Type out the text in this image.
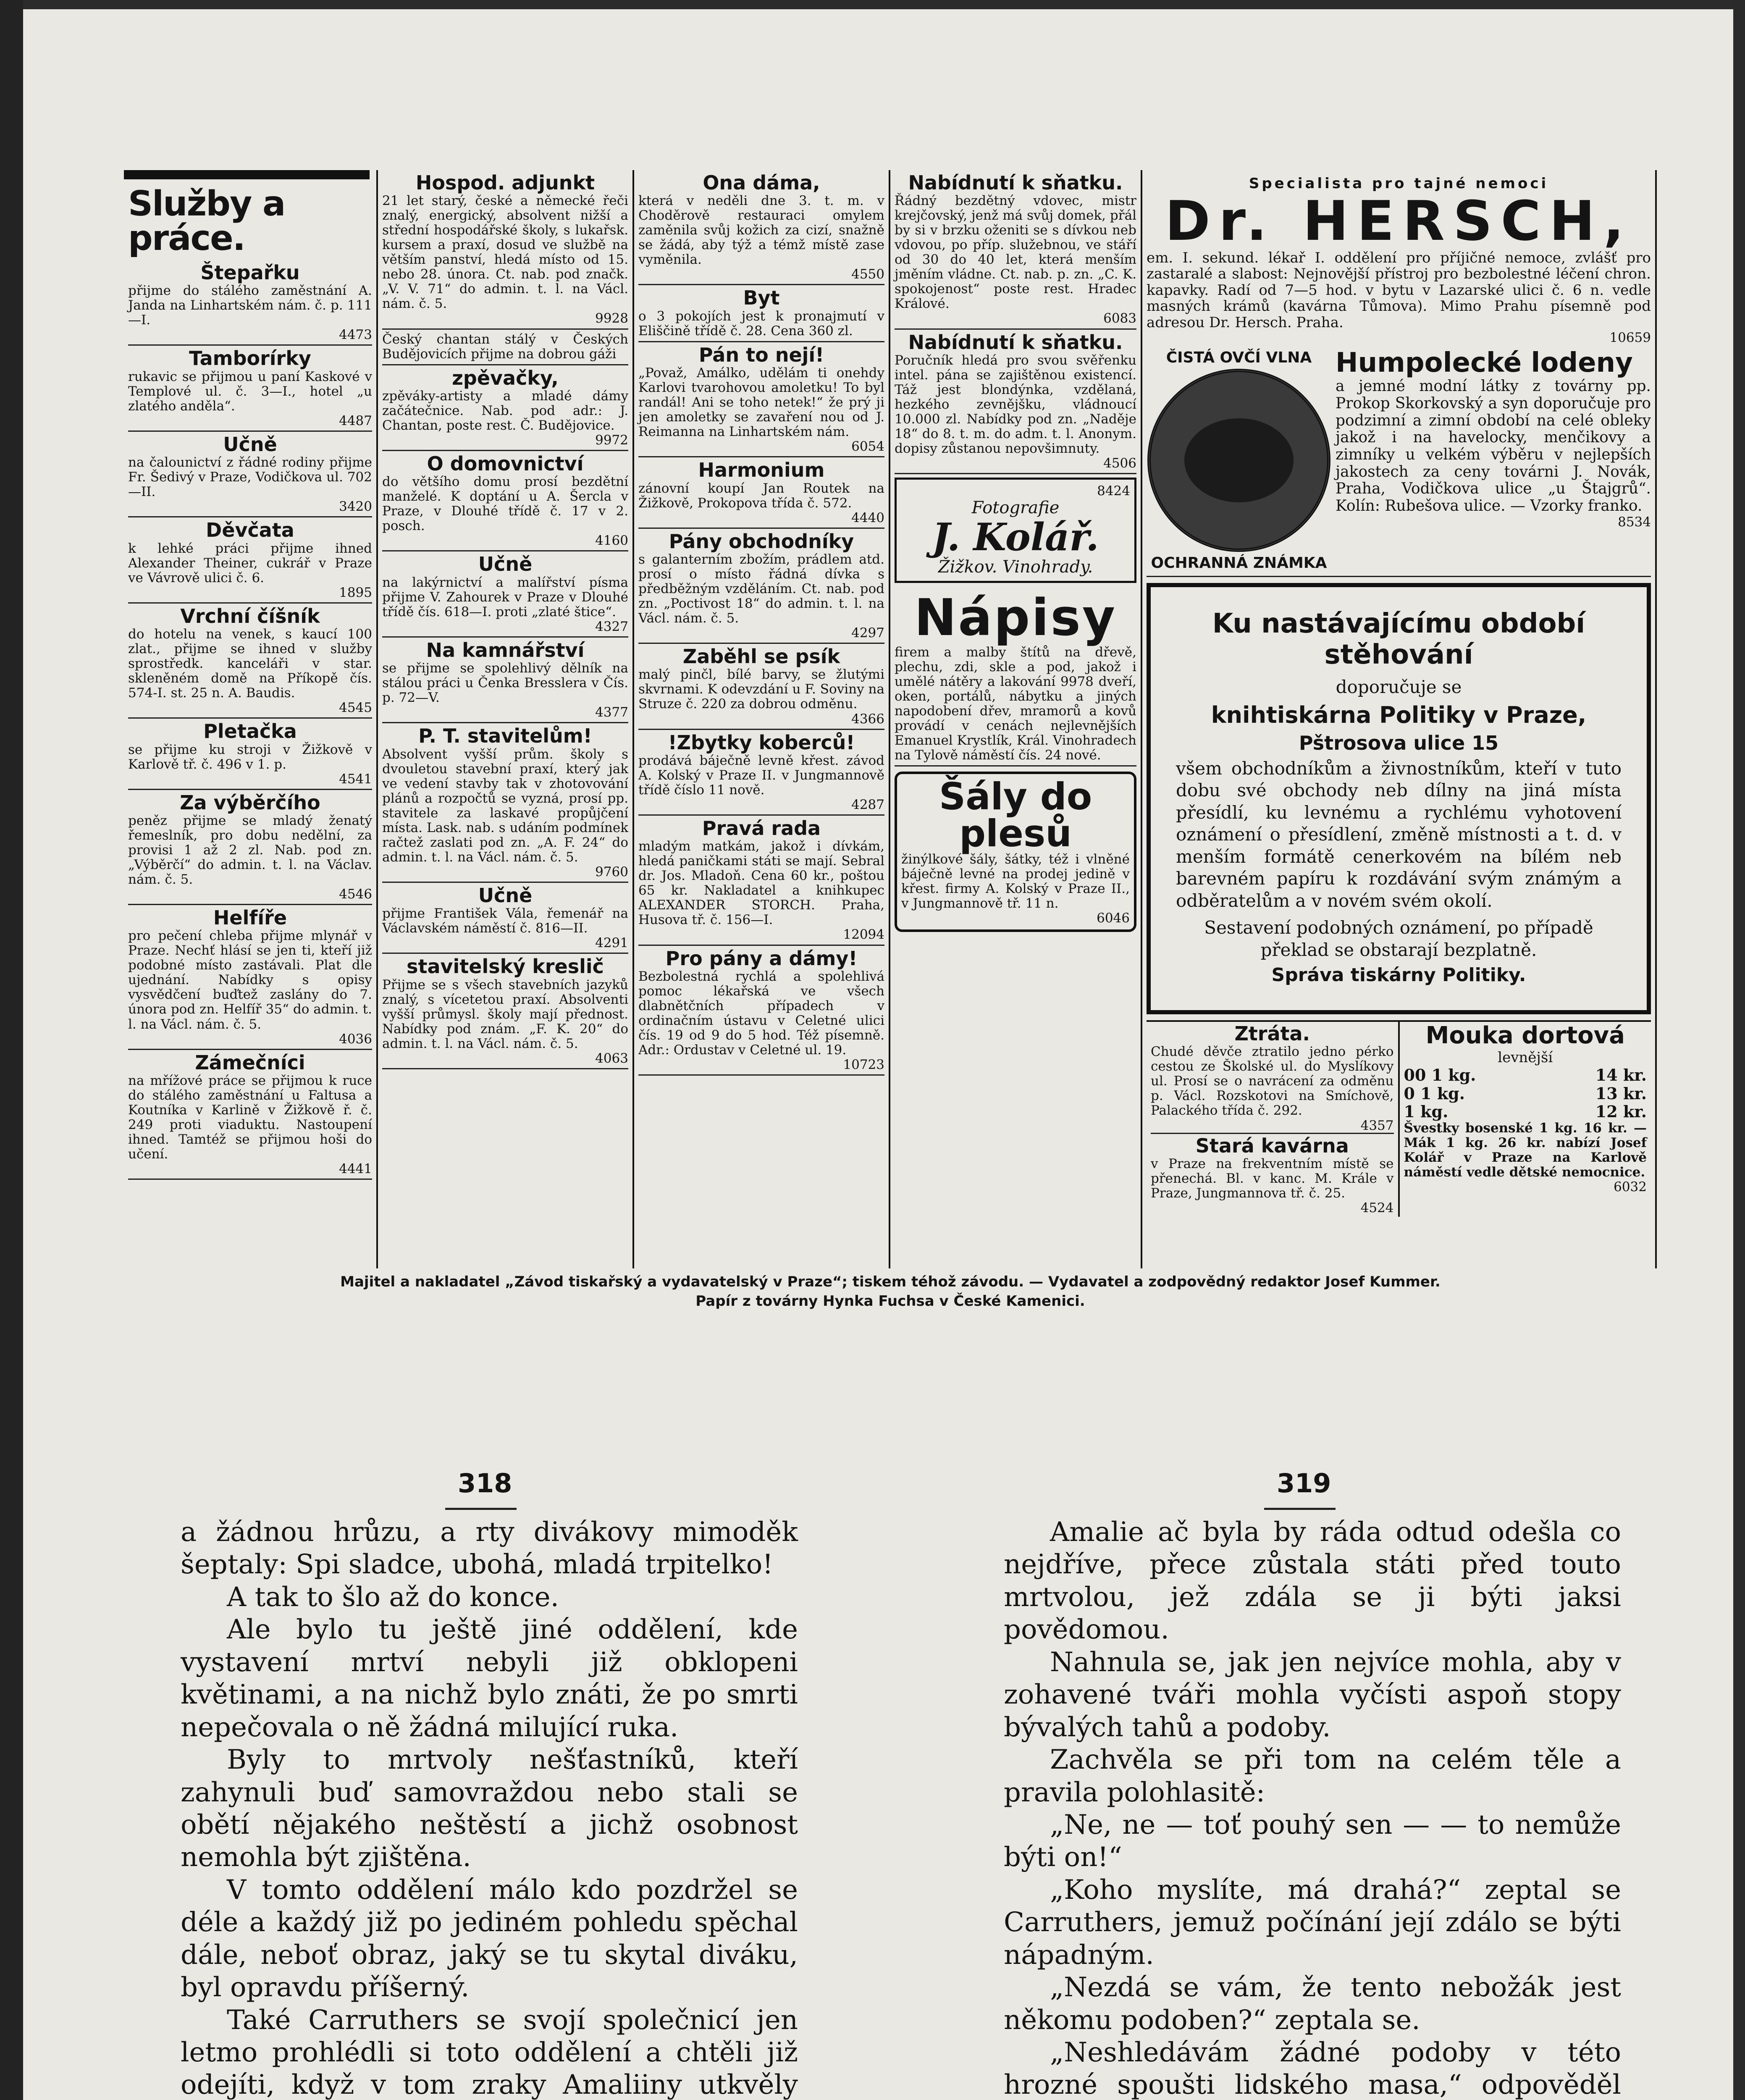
Služby a práce.
Štepařku

přijme do stálého zaměstnání A. Janda na Linhartském nám. č. p. 111—I.

4473
Tamborírky

rukavic se přijmou u paní Kaskové v Templové ul. č. 3—I., hotel „u zlatého anděla“.

4487
Učně

na čalounictví z řádné rodiny přijme Fr. Šedivý v Praze, Vodičkova ul. 702—II.

3420
Děvčata

k lehké práci přijme ihned Alexander Theiner, cukrář v Praze ve Vávrově ulici č. 6.

1895
Vrchní číšník

do hotelu na venek, s kaucí 100 zlat., přijme se ihned v služby sprostředk. kanceláři v star. skleněném domě na Příkopě čís. 574-I. st. 25 n. A. Baudis.

4545
Pletačka

se přijme ku stroji v Žižkově v Karlově tř. č. 496 v 1. p.

4541
Za výběrčího

peněz přijme se mladý ženatý řemeslník, pro dobu nedělní, za provisi 1 až 2 zl. Nab. pod zn. „Výběrčí“ do admin. t. l. na Václav. nám. č. 5.

4546
Helfíře

pro pečení chleba přijme mlynář v Praze. Nechť hlásí se jen ti, kteří již podobné místo zastávali. Plat dle ujednání. Nabídky s opisy vysvědčení buďtež zaslány do 7. února pod zn. Helfíř 35“ do admin. t. l. na Václ. nám. č. 5.

4036
Zámečníci

na mřížové práce se přijmou k ruce do stálého zaměstnání u Faltusa a Koutníka v Karlině v Žižkově ř. č. 249 proti viaduktu. Nastoupení ihned. Tamtéž se přijmou hoši do učení.

4441
Hospod. adjunkt

21 let starý, české a německé řeči znalý, energický, absolvent nižší a střední hospodářské školy, s lukařsk. kursem a praxí, dosud ve službě na větším panství, hledá místo od 15. nebo 28. února. Ct. nab. pod značk. „V. V. 71“ do admin. t. l. na Václ. nám. č. 5.

9928

Český chantan stálý v Českých Budějovicích přijme na dobrou gáži

zpěvačky,

zpěváky-artisty a mladé dámy začátečnice. Nab. pod adr.: J. Chantan, poste rest. Č. Budějovice.

9972
O domovnictví

do většího domu prosí bezdětní manželé. K doptání u A. Šercla v Praze, v Dlouhé třídě č. 17 v 2. posch.

4160
Učně

na lakýrnictví a malířství písma přijme V. Zahourek v Praze v Dlouhé třídě čís. 618—I. proti „zlaté štice“.

4327
Na kamnářství

se přijme se spolehlivý dělník na stálou práci u Čenka Bresslera v Čís. p. 72—V.

4377
P. T. stavitelům!

Absolvent vyšší prům. školy s dvouletou stavební praxí, který jak ve vedení stavby tak v zhotovování plánů a rozpočtů se vyzná, prosí pp. stavitele za laskavé propůjčení místa. Lask. nab. s udáním podmínek račtež zaslati pod zn. „A. F. 24“ do admin. t. l. na Václ. nám. č. 5.

9760
Učně

přijme František Vála, řemenář na Václavském náměstí č. 816—II.

4291
stavitelský kreslič

Přijme se s všech stavebních jazyků znalý, s vícetetou praxí. Absolventi vyšší průmysl. školy mají přednost. Nabídky pod znám. „F. K. 20“ do admin. t. l. na Václ. nám. č. 5.

4063
Ona dáma,

která v neděli dne 3. t. m. v Choděrově restauraci omylem zaměnila svůj kožich za cizí, snažně se žádá, aby týž a témž místě zase vyměnila.

4550
Byt

o 3 pokojích jest k pronajmutí v Eliščině třídě č. 28. Cena 360 zl.

Pán to nejí!

„Považ, Amálko, udělám ti onehdy Karlovi tvarohovou amoletku! To byl randál! Ani se toho netek!“ že prý ji jen amoletky se zavaření nou od J. Reimanna na Linhartském nám.

6054
Harmonium

zánovní koupí Jan Routek na Žižkově, Prokopova třída č. 572.

4440
Pány obchodníky

s galanterním zbožím, prádlem atd. prosí o místo řádná dívka s předběžným vzděláním. Ct. nab. pod zn. „Poctivost 18“ do admin. t. l. na Václ. nám. č. 5.

4297
Zaběhl se psík

malý pinčl, bílé barvy, se žlutými skvrnami. K odevzdání u F. Soviny na Struze č. 220 za dobrou odměnu.

4366
!Zbytky koberců!

prodává báječně levně křest. závod A. Kolský v Praze II. v Jungmannově třídě číslo 11 nově.

4287
Pravá rada

mladým matkám, jakož i dívkám, hledá paničkami státi se mají. Sebral dr. Jos. Mladoň. Cena 60 kr., poštou 65 kr. Nakladatel a knihkupec ALEXANDER STORCH. Praha, Husova tř. č. 156—I.

12094
Pro pány a dámy!

Bezbolestná rychlá a spolehlivá pomoc lékařská ve všech dlabnětčních případech v ordinačním ústavu v Celetné ulici čís. 19 od 9 do 5 hod. Též písemně. Adr.: Ordustav v Celetné ul. 19.

10723
Nabídnutí k sňatku.

Řádný bezdětný vdovec, mistr krejčovský, jenž má svůj domek, přál by si v brzku oženiti se s dívkou neb vdovou, po příp. služebnou, ve stáří od 30 do 40 let, která menším jměním vládne. Ct. nab. p. zn. „C. K. spokojenost“ poste rest. Hradec Králové.

6083
Nabídnutí k sňatku.

Poručník hledá pro svou svěřenku intel. pána se zajištěnou existencí. Táž jest blondýnka, vzdělaná, hezkého zevnějšku, vládnoucí 10.000 zl. Nabídky pod zn. „Naděje 18“ do 8. t. m. do adm. t. l. Anonym. dopisy zůstanou nepovšimnuty.

4506
8424
Fotografie
J. Kolář.
Žižkov. Vinohrady.
Nápisy

firem a malby štítů na dřevě, plechu, zdi, skle a pod, jakož i umělé nátěry a lakování 9978 dveří, oken, portálů, nábytku a jiných napodobení dřev, mramorů a kovů provádí v cenách nejlevnějších Emanuel Krystlík, Král. Vinohradech na Tylově náměstí čís. 24 nové.

Šály do plesů

žinýlkové šály, šátky, též i vlněné báječně levné na prodej jedině v křest. firmy A. Kolský v Praze II., v Jungmannově tř. 11 n.

6046
Specialista pro tajné nemoci
Dr. HERSCH,

em. I. sekund. lékař I. oddělení pro příjičné nemoce, zvlášť pro zastaralé a slabost: Nejnovější přístroj pro bezbolestné léčení chron. kapavky. Radí od 7—5 hod. v bytu v Lazarské ulici č. 6 n. vedle masných krámů (kavárna Tůmova). Mimo Prahu písemně pod adresou Dr. Hersch. Praha.

10659
ČISTÁ OVČÍ VLNA
OCHRANNÁ ZNÁMKA
Humpolecké lodeny

a jemné modní látky z továrny pp. Prokop Skorkovský a syn doporučuje pro podzimní a zimní období na celé obleky jakož i na havelocky, menčikovy a zimníky u velkém výběru v nejlepších jakostech za ceny továrni J. Novák, Praha, Vodičkova ulice „u Štajgrů“. Kolín: Rubešova ulice. — Vzorky franko.

8534

Ku nastávajícímu období stěhování

doporučuje se

knihtiskárna Politiky v Praze,

Pštrosova ulice 15

všem obchodníkům a živnostníkům, kteří v tuto dobu své obchody neb dílny na jiná místa přesídlí, ku levnému a rychlému vyhotovení oznámení o přesídlení, změně místnosti a t. d. v menším formátě cenerkovém na bílém neb barevném papíru k rozdávání svým známým a odběratelům a v novém svém okolí.

Sestavení podobných oznámení, po případě překlad se obstarají bezplatně.

Správa tiskárny Politiky.

Ztráta.

Chudé děvče ztratilo jedno pérko cestou ze Školské ul. do Myslíkovy ul. Prosí se o navrácení za odměnu p. Václ. Rozskotovi na Smíchově, Palackého třída č. 292.

4357
Stará kavárna

v Praze na frekventním místě se přenechá. Bl. v kanc. M. Krále v Praze, Jungmannova tř. č. 25.

4524
Mouka dortová
levnější
00 1 kg.	14 kr.
0 1 kg.	13 kr.
1 kg.	12 kr.

Švestky bosenské 1 kg. 16 kr. — Mák 1 kg. 26 kr. nabízí Josef Kolář v Praze na Karlově náměstí vedle dětské nemocnice.

6032
Majitel a nakladatel „Závod tiskařský a vydavatelský v Praze“; tiskem téhož závodu. — Vydavatel a zodpovědný redaktor Josef Kummer.
Papír z továrny Hynka Fuchsa v České Kamenici.
318	319

a žádnou hrůzu, a rty divákovy mimoděk šeptaly: Spi sladce, ubohá, mladá trpitelko!

A tak to šlo až do konce.

Ale bylo tu ještě jiné oddělení, kde vystavení mrtví nebyli již obklopeni květinami, a na nichž bylo znáti, že po smrti nepečovala o ně žádná milující ruka.

Byly to mrtvoly nešťastníků, kteří zahynuli buď samovraždou nebo stali se obětí nějakého neštěstí a jichž osobnost nemohla být zjištěna.

V tomto oddělení málo kdo pozdržel se déle a každý již po jediném pohledu spěchal dále, neboť obraz, jaký se tu skytal diváku, byl opravdu příšerný.

Také Carruthers se svojí společnicí jen letmo prohlédli si toto oddělení a chtěli již odejíti, když v tom zraky Amaliiny utkvěly

Amalie ač byla by ráda odtud odešla co nejdříve, přece zůstala státi před touto mrtvolou, jež zdála se ji býti jaksi povědomou.

Nahnula se, jak jen nejvíce mohla, aby v zohavené tváři mohla vyčísti aspoň stopy bývalých tahů a podoby.

Zachvěla se při tom na celém těle a pravila polohlasitě:

„Ne, ne — toť pouhý sen — — to nemůže býti on!“

„Koho myslíte, má drahá?“ zeptal se Carruthers, jemuž počínání její zdálo se býti nápadným.

„Nezdá se vám, že tento nebožák jest někomu podoben?“ zeptala se.

„Neshledávám žádné podoby v této hrozné spoušti lidského masa,“ odpověděl
